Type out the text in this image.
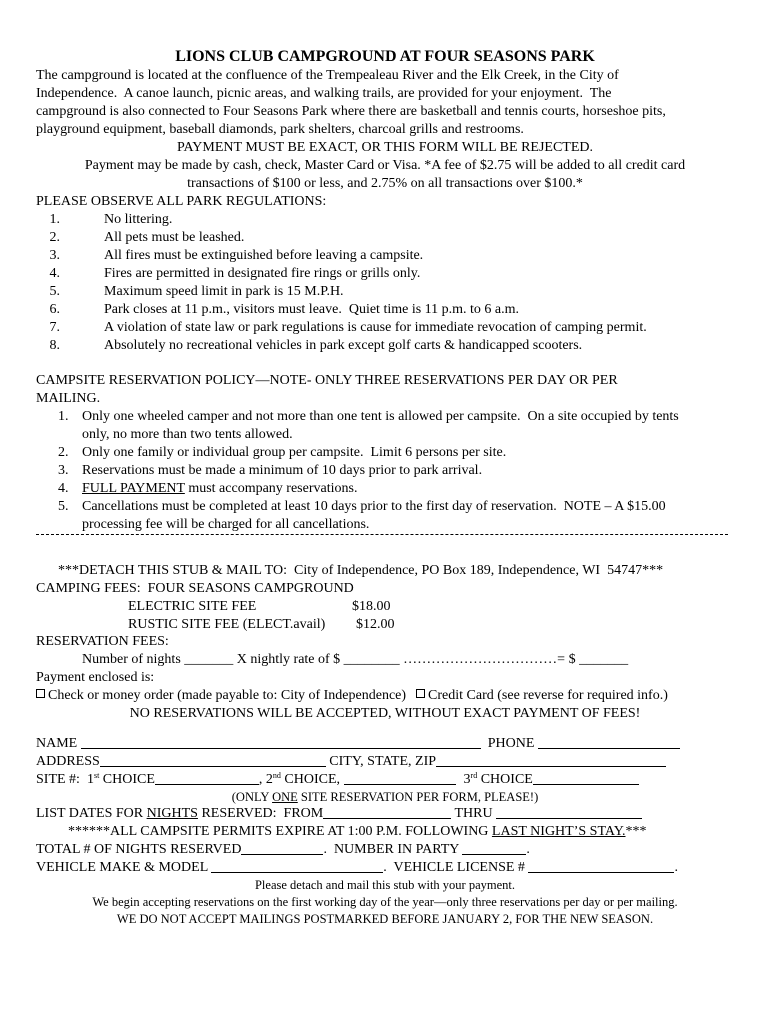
LIONS CLUB CAMPGROUND AT FOUR SEASONS PARK
The campground is located at the confluence of the Trempealeau River and the Elk Creek, in the City of
Independence.  A canoe launch, picnic areas, and walking trails, are provided for your enjoyment.  The
campground is also connected to Four Seasons Park where there are basketball and tennis courts, horseshoe pits,
playground equipment, baseball diamonds, park shelters, charcoal grills and restrooms.
PAYMENT MUST BE EXACT, OR THIS FORM WILL BE REJECTED.
Payment may be made by cash, check, Master Card or Visa. *A fee of $2.75 will be added to all credit card
transactions of $100 or less, and 2.75% on all transactions over $100.*
PLEASE OBSERVE ALL PARK REGULATIONS:
1.	No littering.
2.	All pets must be leashed.
3.	All fires must be extinguished before leaving a campsite.
4.	Fires are permitted in designated fire rings or grills only.
5.	Maximum speed limit in park is 15 M.P.H.
6.	Park closes at 11 p.m., visitors must leave.  Quiet time is 11 p.m. to 6 a.m.
7.	A violation of state law or park regulations is cause for immediate revocation of camping permit.
8.	Absolutely no recreational vehicles in park except golf carts & handicapped scooters.
CAMPSITE RESERVATION POLICY—NOTE- ONLY THREE RESERVATIONS PER DAY OR PER
MAILING.
1. Only one wheeled camper and not more than one tent is allowed per campsite.  On a site occupied by tents
only, no more than two tents allowed.
2. Only one family or individual group per campsite.  Limit 6 persons per site.
3. Reservations must be made a minimum of 10 days prior to park arrival.
4. FULL PAYMENT must accompany reservations.
5. Cancellations must be completed at least 10 days prior to the first day of reservation.  NOTE – A $15.00
processing fee will be charged for all cancellations.
***DETACH THIS STUB & MAIL TO:  City of Independence, PO Box 189, Independence, WI  54747***
CAMPING FEES:  FOUR SEASONS CAMPGROUND
ELECTRIC SITE FEE	$18.00
RUSTIC SITE FEE (ELECT.avail) $12.00
RESERVATION FEES:
Number of nights _______ X nightly rate of $ ________ ……………………………= $ _______
Payment enclosed is:
Check or money order (made payable to: City of Independence) Credit Card (see reverse for required info.)
NO RESERVATIONS WILL BE ACCEPTED, WITHOUT EXACT PAYMENT OF FEES!
NAME	PHONE
ADDRESS	CITY, STATE, ZIP
SITE #:  1st CHOICE	, 2nd CHOICE,	3rd CHOICE
(ONLY ONE SITE RESERVATION PER FORM, PLEASE!)
LIST DATES FOR NIGHTS RESERVED:  FROM	THRU
******ALL CAMPSITE PERMITS EXPIRE AT 1:00 P.M. FOLLOWING LAST NIGHT’S STAY.***
TOTAL # OF NIGHTS RESERVED	.  NUMBER IN PARTY	.
VEHICLE MAKE & MODEL	.  VEHICLE LICENSE #	.
Please detach and mail this stub with your payment.
We begin accepting reservations on the first working day of the year—only three reservations per day or per mailing.
WE DO NOT ACCEPT MAILINGS POSTMARKED BEFORE JANUARY 2, FOR THE NEW SEASON.
